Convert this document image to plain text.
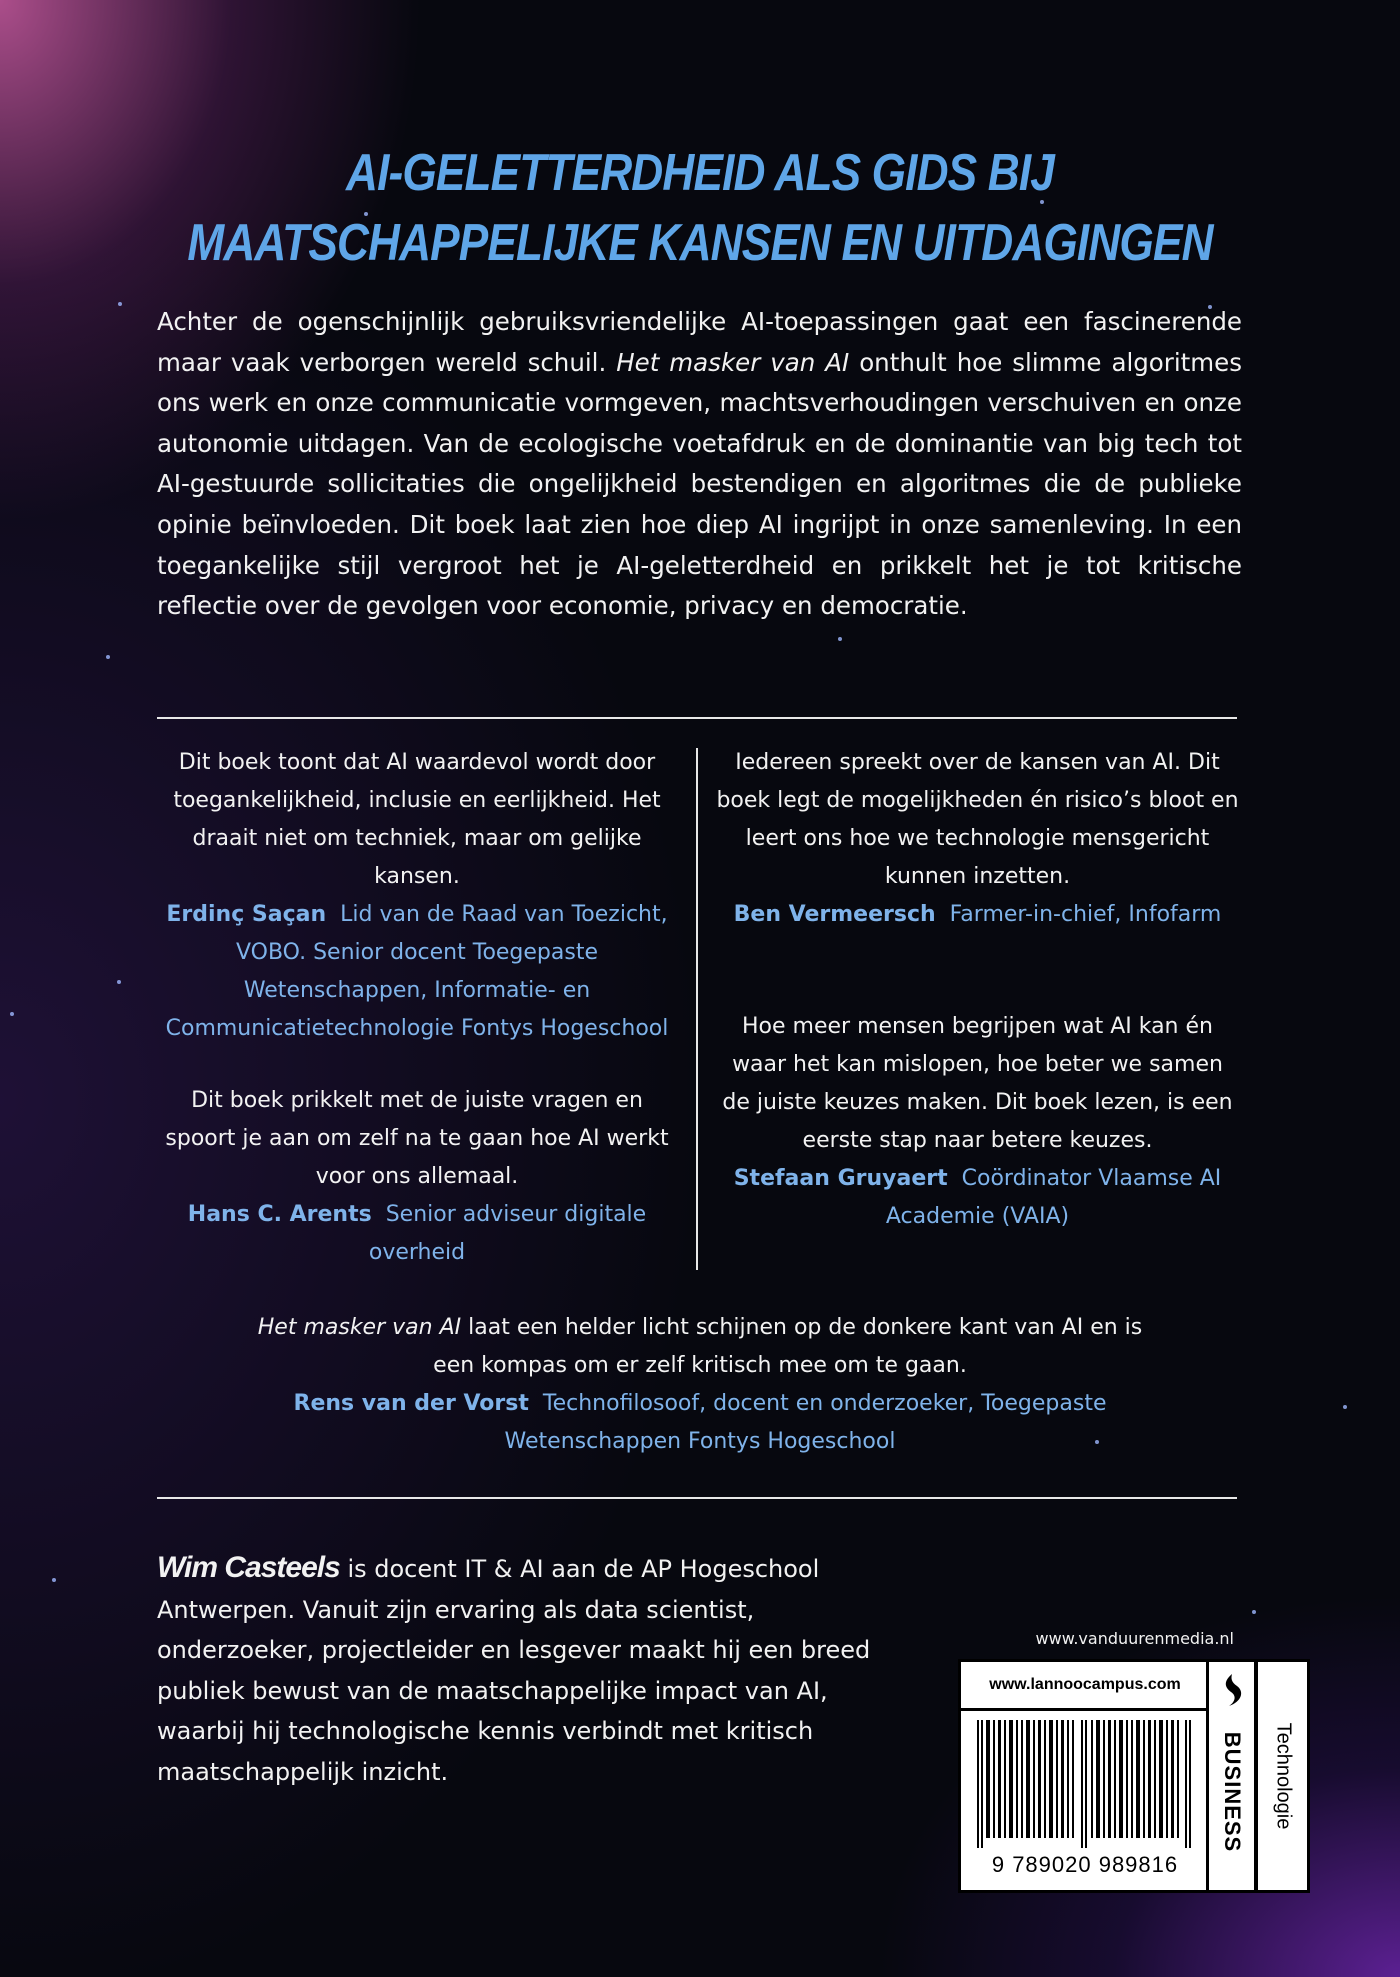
AI-GELETTERDHEID ALS GIDS BIJ
MAATSCHAPPELIJKE KANSEN EN UITDAGINGEN
Achter de ogenschijnlijk gebruiksvriendelijke AI-toepassingen gaat een fascinerende maar vaak verborgen wereld schuil. Het masker van AI onthult hoe slimme algoritmes ons werk en onze communicatie vormgeven, machtsverhoudingen verschuiven en onze autonomie uitdagen. Van de ecologische voetafdruk en de dominantie van big tech tot AI-gestuurde sollicitaties die ongelijkheid bestendigen en algoritmes die de publieke opinie beïnvloeden. Dit boek laat zien hoe diep AI ingrijpt in onze samenleving. In een toegankelijke stijl vergroot het je AI-geletterdheid en prikkelt het je tot kritische reflectie over de gevolgen voor economie, privacy en democratie.
Dit boek toont dat AI waardevol wordt door toegankelijkheid, inclusie en eerlijkheid. Het draait niet om techniek, maar om gelijke kansen.
Erdinç Saçan Lid van de Raad van Toezicht, VOBO. Senior docent Toegepaste Wetenschappen, Informatie- en Communicatietechnologie Fontys Hogeschool
Dit boek prikkelt met de juiste vragen en spoort je aan om zelf na te gaan hoe AI werkt voor ons allemaal.
Hans C. Arents Senior adviseur digitale overheid
Iedereen spreekt over de kansen van AI. Dit boek legt de mogelijkheden én risico’s bloot en leert ons hoe we technologie mensgericht kunnen inzetten.
Ben Vermeersch Farmer-in-chief, Infofarm
Hoe meer mensen begrijpen wat AI kan én waar het kan mislopen, hoe beter we samen de juiste keuzes maken. Dit boek lezen, is een eerste stap naar betere keuzes.
Stefaan Gruyaert Coördinator Vlaamse AI Academie (VAIA)
Het masker van AI laat een helder licht schijnen op de donkere kant van AI en is een kompas om er zelf kritisch mee om te gaan.
Rens van der Vorst Technofilosoof, docent en onderzoeker, Toegepaste Wetenschappen Fontys Hogeschool
Wim Casteels is docent IT & AI aan de AP Hogeschool Antwerpen. Vanuit zijn ervaring als data scientist, onderzoeker, projectleider en lesgever maakt hij een breed publiek bewust van de maatschappelijke impact van AI, waarbij hij technologische kennis verbindt met kritisch maatschappelijk inzicht.
www.vanduurenmedia.nl
www.lannoocampus.com
9 789020 989816
BUSINESS Technologie
